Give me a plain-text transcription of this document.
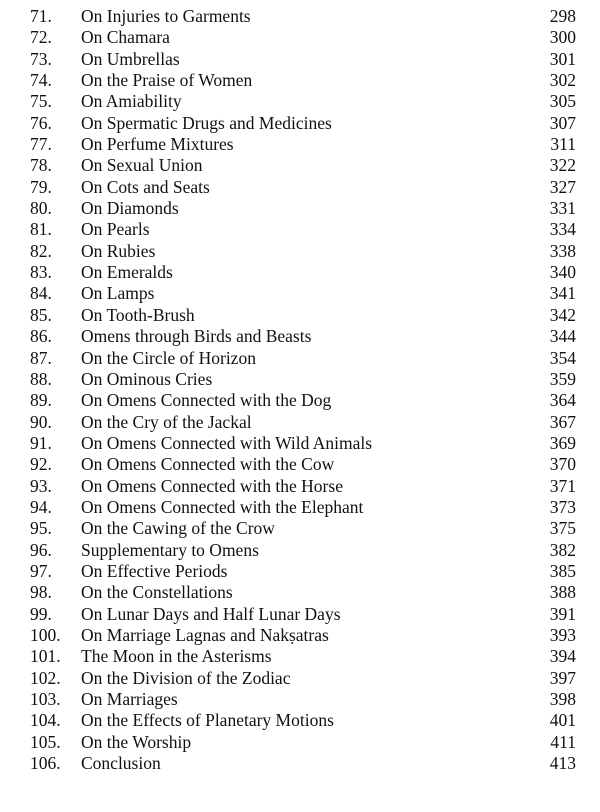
71.	On Injuries to Garments	298
72.	On Chamara	300
73.	On Umbrellas	301
74.	On the Praise of Women	302
75.	On Amiability	305
76.	On Spermatic Drugs and Medicines	307
77.	On Perfume Mixtures	311
78.	On Sexual Union	322
79.	On Cots and Seats	327
80.	On Diamonds	331
81.	On Pearls	334
82.	On Rubies	338
83.	On Emeralds	340
84.	On Lamps	341
85.	On Tooth-Brush	342
86.	Omens through Birds and Beasts	344
87.	On the Circle of Horizon	354
88.	On Ominous Cries	359
89.	On Omens Connected with the Dog	364
90.	On the Cry of the Jackal	367
91.	On Omens Connected with Wild Animals	369
92.	On Omens Connected with the Cow	370
93.	On Omens Connected with the Horse	371
94.	On Omens Connected with the Elephant	373
95.	On the Cawing of the Crow	375
96.	Supplementary to Omens	382
97.	On Effective Periods	385
98.	On the Constellations	388
99.	On Lunar Days and Half Lunar Days	391
100.	On Marriage Lagnas and Nakṣatras	393
101.	The Moon in the Asterisms	394
102.	On the Division of the Zodiac	397
103.	On Marriages	398
104.	On the Effects of Planetary Motions	401
105.	On the Worship	411
106.	Conclusion	413
